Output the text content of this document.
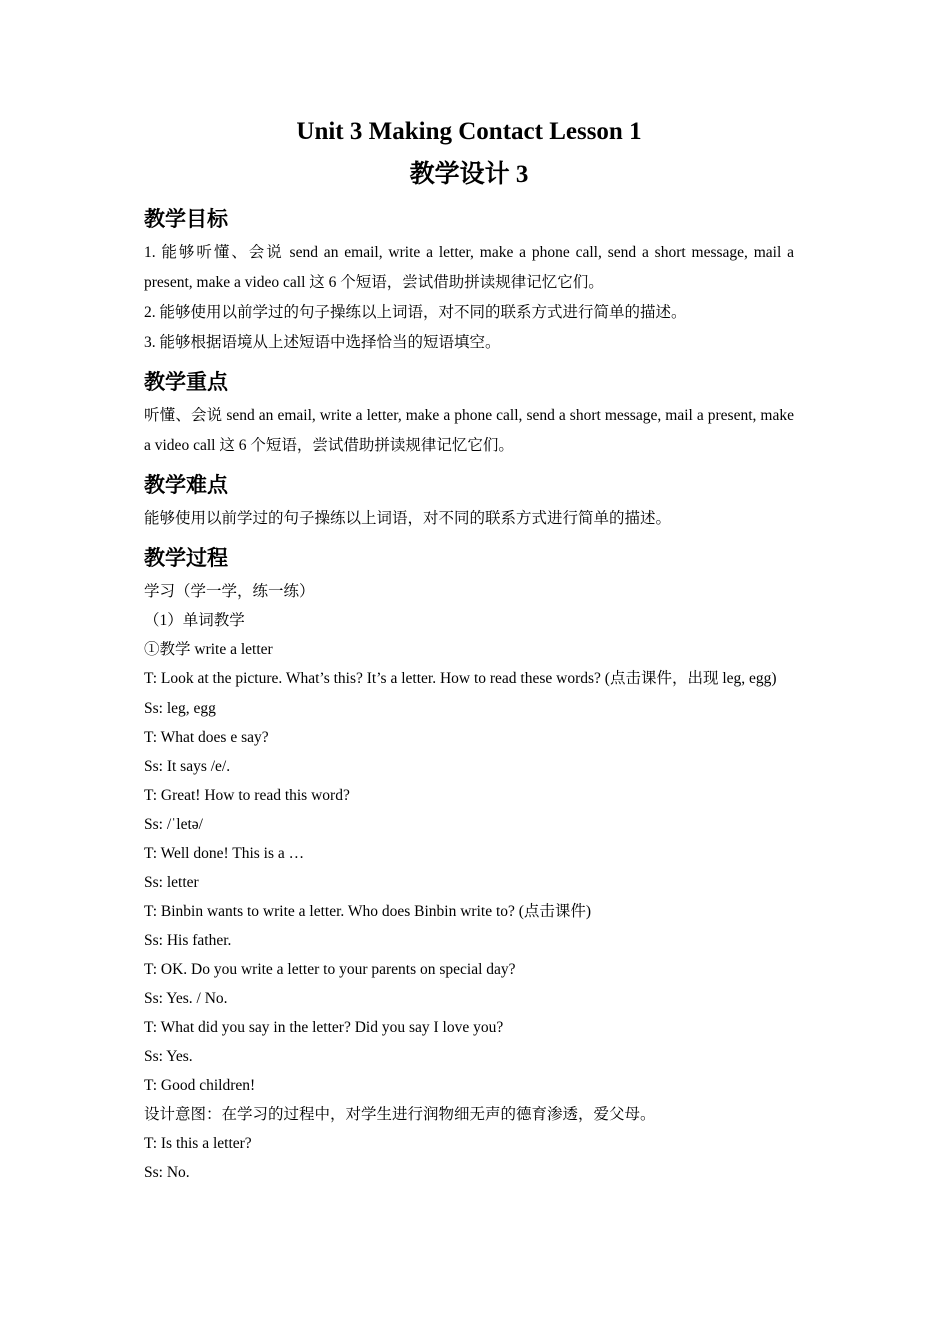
Unit 3 Making Contact Lesson 1
教学设计 3
教学目标

1. 能够听懂、会说 send an email, write a letter, make a phone call, send a short message, mail a present, make a video call 这 6 个短语，尝试借助拼读规律记忆它们。

2. 能够使用以前学过的句子操练以上词语，对不同的联系方式进行简单的描述。

3. 能够根据语境从上述短语中选择恰当的短语填空。

教学重点

听懂、会说 send an email, write a letter, make a phone call, send a short message, mail a present, make a video call 这 6 个短语，尝试借助拼读规律记忆它们。

教学难点

能够使用以前学过的句子操练以上词语，对不同的联系方式进行简单的描述。

教学过程

学习（学一学，练一练）

（1）单词教学

①教学 write a letter

T: Look at the picture. What’s this? It’s a letter. How to read these words? (点击课件，出现 leg, egg)

Ss: leg, egg

T: What does e say?

Ss: It says /e/.

T: Great! How to read this word?

Ss: /ˈletə/

T: Well done! This is a …

Ss: letter

T: Binbin wants to write a letter. Who does Binbin write to? (点击课件)

Ss: His father.

T: OK. Do you write a letter to your parents on special day?

Ss: Yes. / No.

T: What did you say in the letter? Did you say I love you?

Ss: Yes.

T: Good children!

设计意图：在学习的过程中，对学生进行润物细无声的德育渗透，爱父母。

T: Is this a letter?

Ss: No.
